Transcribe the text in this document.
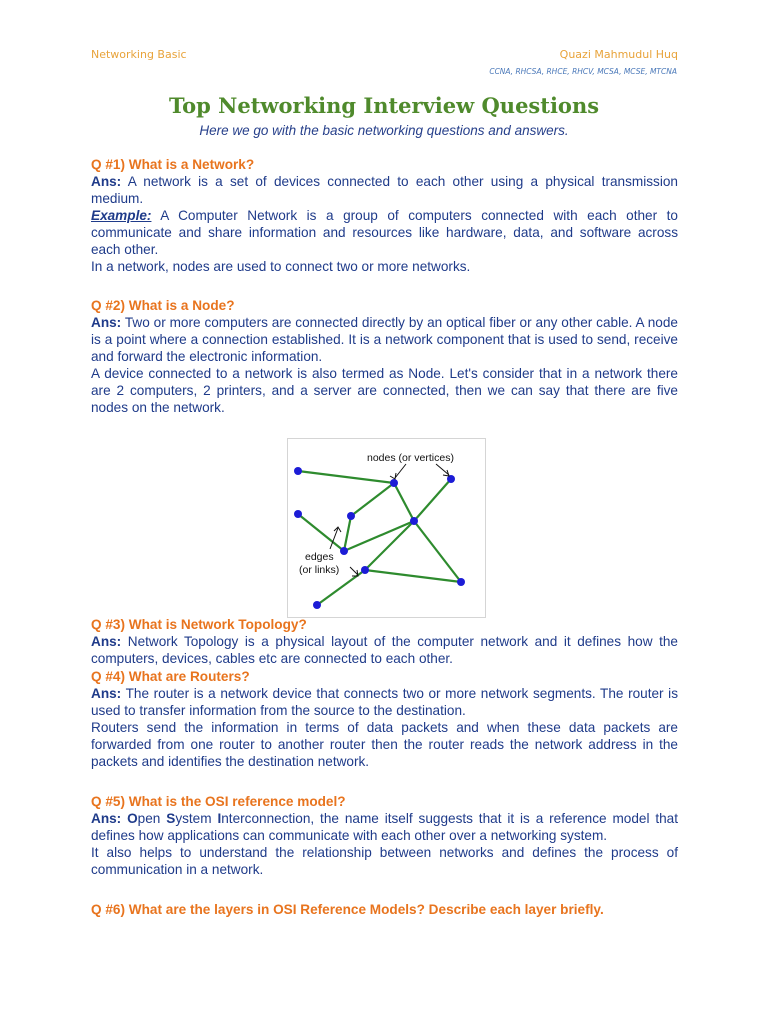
Networking Basic	Quazi Mahmudul Huq
CCNA, RHCSA, RHCE, RHCV, MCSA, MCSE, MTCNA
Top Networking Interview Questions
Here we go with the basic networking questions and answers.
Q #1) What is a Network?

Ans: A network is a set of devices connected to each other using a physical transmission medium.

Example: A Computer Network is a group of computers connected with each other to communicate and share information and resources like hardware, data, and software across each other.

In a network, nodes are used to connect two or more networks.

Q #2) What is a Node?

Ans: Two or more computers are connected directly by an optical fiber or any other cable. A node is a point where a connection established. It is a network component that is used to send, receive and forward the electronic information.

A device connected to a network is also termed as Node. Let's consider that in a network there are 2 computers, 2 printers, and a server are connected, then we can say that there are five nodes on the network.

nodes (or vertices)
edges
(or links)
Q #3) What is Network Topology?

Ans: Network Topology is a physical layout of the computer network and it defines how the computers, devices, cables etc are connected to each other.

Q #4) What are Routers?

Ans: The router is a network device that connects two or more network segments. The router is used to transfer information from the source to the destination.

Routers send the information in terms of data packets and when these data packets are forwarded from one router to another router then the router reads the network address in the packets and identifies the destination network.

Q #5) What is the OSI reference model?

Ans: Open System Interconnection, the name itself suggests that it is a reference model that defines how applications can communicate with each other over a networking system.

It also helps to understand the relationship between networks and defines the process of communication in a network.

Q #6) What are the layers in OSI Reference Models? Describe each layer briefly.
